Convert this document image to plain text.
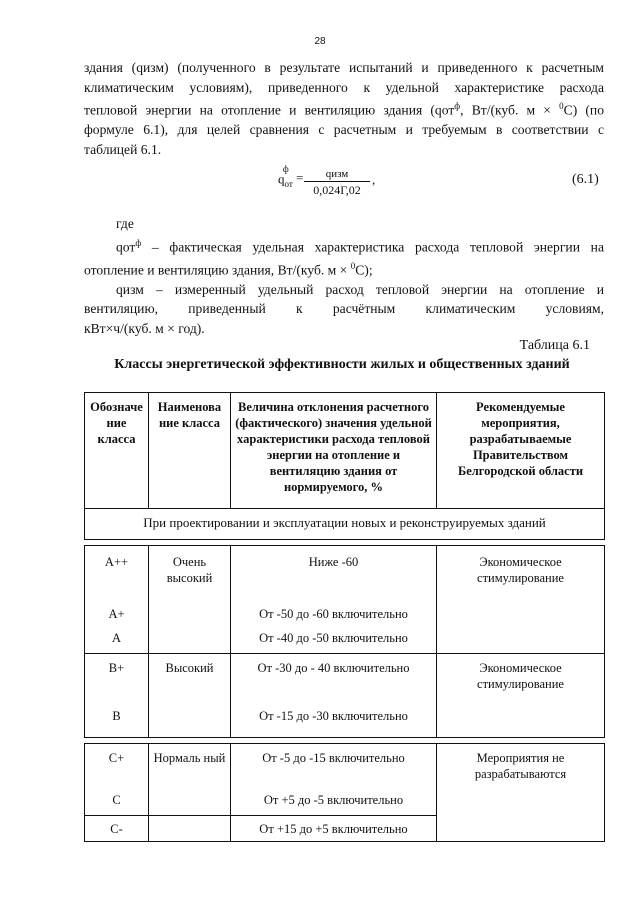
28
здания (qизм) (полученного в результате испытаний и приведенного к расчетным
климатическим условиям), приведенного к удельной характеристике расхода
тепловой энергии на отопление и вентиляцию здания (qот$^ф$, Вт/(куб. м × $^0$С) (по
формуле 6.1), для целей сравнения с расчетным и требуемым в соответствии с
таблицей 6.1.
$q_{от}^ф$
=	qизм
0,024Г,02
,	(6.1)
где
qот$^ф$ – фактическая удельная характеристика расхода тепловой энергии на
отопление и вентиляцию здания, Вт/(куб. м × $^0$С);
qизм – измеренный удельный расход тепловой энергии на отопление и
вентиляцию, приведенный к расчётным климатическим условиям,
кВт×ч/(куб. м × год).
Таблица 6.1
Классы энергетической эффективности жилых и общественных зданий
Обозначе ние класса	Наименова ние класса	Величина отклонения расчетного (фактического) значения удельной характеристики расхода тепловой энергии на отопление и вентиляцию здания от нормируемого, %	Рекомендуемые мероприятия, разрабатываемые Правительством Белгородской области
При проектировании и эксплуатации новых и реконструируемых зданий			

A++	Очень высокий	Ниже -60	Экономическое стимулирование
A+		От -50 до -60 включительно	
A		От -40 до -50 включительно	
B+	Высокий	От -30 до - 40 включительно	Экономическое стимулирование
B		От -15 до -30 включительно	

C+	Нормаль ный	От -5 до -15 включительно	Мероприятия не разрабатываются
C		От +5 до -5 включительно	
C-		От +15 до +5 включительно	
